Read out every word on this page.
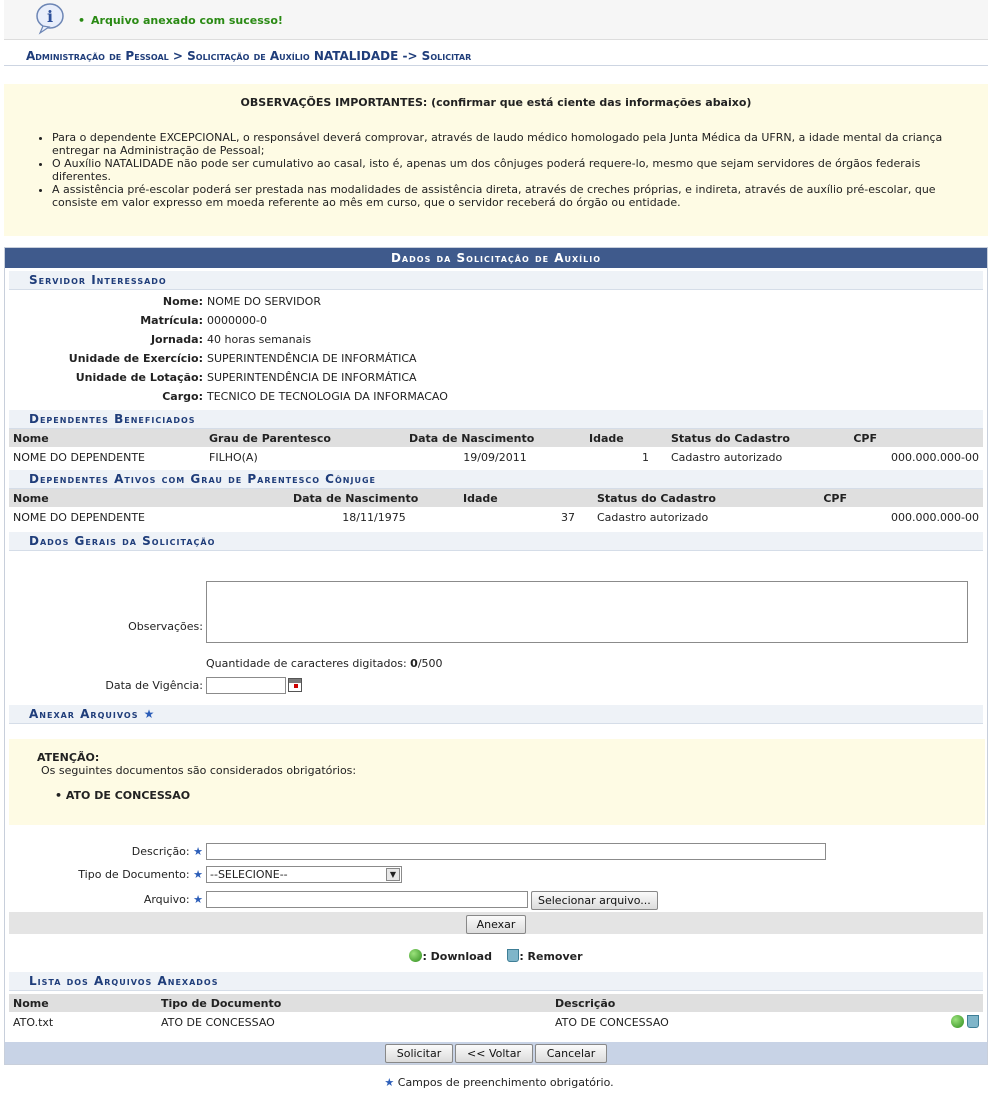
i	• Arquivo anexado com sucesso!
Administração de Pessoal > Solicitação de Auxílio NATALIDADE -> Solicitar
OBSERVAÇÕES IMPORTANTES: (confirmar que está ciente das informações abaixo)
• Para o dependente EXCEPCIONAL, o responsável deverá comprovar, através de laudo médico homologado pela Junta Médica da UFRN, a idade mental da criança entregar na Administração de Pessoal;
• O Auxílio NATALIDADE não pode ser cumulativo ao casal, isto é, apenas um dos cônjuges poderá requere-lo, mesmo que sejam servidores de órgãos federais diferentes.
• A assistência pré-escolar poderá ser prestada nas modalidades de assistência direta, através de creches próprias, e indireta, através de auxílio pré-escolar, que consiste em valor expresso em moeda referente ao mês em curso, que o servidor receberá do órgão ou entidade.
Dados da Solicitação de Auxílio
Servidor Interessado
Nome: NOME DO SERVIDOR
Matrícula: 0000000-0
Jornada: 40 horas semanais
Unidade de Exercício: SUPERINTENDÊNCIA DE INFORMÁTICA
Unidade de Lotação: SUPERINTENDÊNCIA DE INFORMÁTICA
Cargo: TECNICO DE TECNOLOGIA DA INFORMACAO
Dependentes Beneficiados
Nome	Grau de Parentesco	Data de Nascimento	Idade	Status do Cadastro	CPF
NOME DO DEPENDENTE	FILHO(A)	19/09/2011	1	Cadastro autorizado	000.000.000-00
Dependentes Ativos com Grau de Parentesco Cônjuge
Nome	Data de Nascimento	Idade	Status do Cadastro	CPF
NOME DO DEPENDENTE	18/11/1975	37	Cadastro autorizado	000.000.000-00
Dados Gerais da Solicitação
Observações:
Quantidade de caracteres digitados: 0/500
Data de Vigência:
Anexar Arquivos ★
ATENÇÃO:
Os seguintes documentos são considerados obrigatórios:
• ATO DE CONCESSAO
Descrição: ★
Tipo de Documento: ★ --SELECIONE--	▼
Arquivo: ★	Selecionar arquivo...
Anexar
: Download : Remover
Lista dos Arquivos Anexados
Nome	Tipo de Documento	Descrição	
ATO.txt	ATO DE CONCESSAO	ATO DE CONCESSAO	
Solicitar	<< Voltar	Cancelar
★ Campos de preenchimento obrigatório.
